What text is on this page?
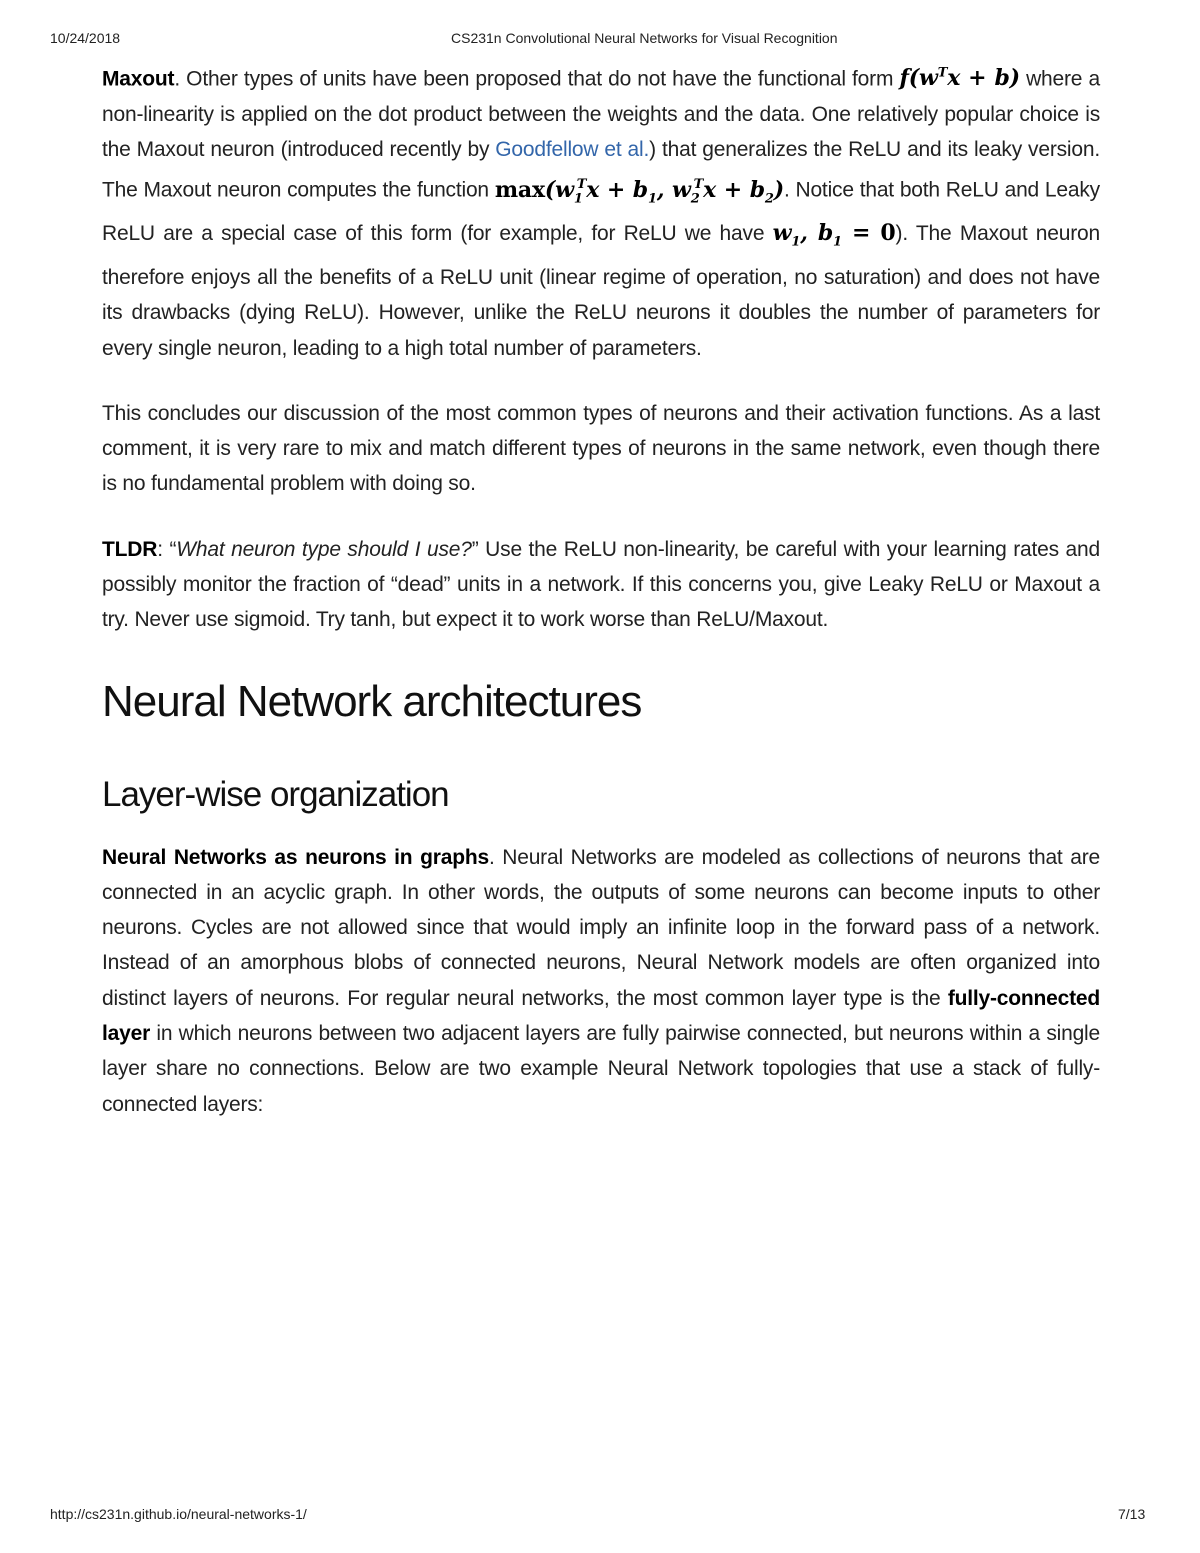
10/24/2018	CS231n Convolutional Neural Networks for Visual Recognition

Maxout. Other types of units have been proposed that do not have the functional form $f(w^Tx + b)$ where a non-linearity is applied on the dot product between the weights and the data. One relatively popular choice is the Maxout neuron (introduced recently by Goodfellow et al.) that generalizes the ReLU and its leaky version. The Maxout neuron computes the function $\max(w_1^Tx + b_1$, $w_2^Tx + b_2$). Notice that both ReLU and Leaky ReLU are a special case of this form (for example, for ReLU we have $w_1$, $b_1 = 0$). The Maxout neuron therefore enjoys all the benefits of a ReLU unit (linear regime of operation, no saturation) and does not have its drawbacks (dying ReLU). However, unlike the ReLU neurons it doubles the number of parameters for every single neuron, leading to a high total number of parameters.

This concludes our discussion of the most common types of neurons and their activation functions. As a last comment, it is very rare to mix and match different types of neurons in the same network, even though there is no fundamental problem with doing so.

TLDR: “What neuron type should I use?” Use the ReLU non-linearity, be careful with your learning rates and possibly monitor the fraction of “dead” units in a network. If this concerns you, give Leaky ReLU or Maxout a try. Never use sigmoid. Try tanh, but expect it to work worse than ReLU/Maxout.

Neural Network architectures
Layer-wise organization

Neural Networks as neurons in graphs. Neural Networks are modeled as collections of neurons that are connected in an acyclic graph. In other words, the outputs of some neurons can become inputs to other neurons. Cycles are not allowed since that would imply an infinite loop in the forward pass of a network. Instead of an amorphous blobs of connected neurons, Neural Network models are often organized into distinct layers of neurons. For regular neural networks, the most common layer type is the fully-connected layer in which neurons between two adjacent layers are fully pairwise connected, but neurons within a single layer share no connections. Below are two example Neural Network topologies that use a stack of fully-connected layers:

http://cs231n.github.io/neural-networks-1/	7/13
